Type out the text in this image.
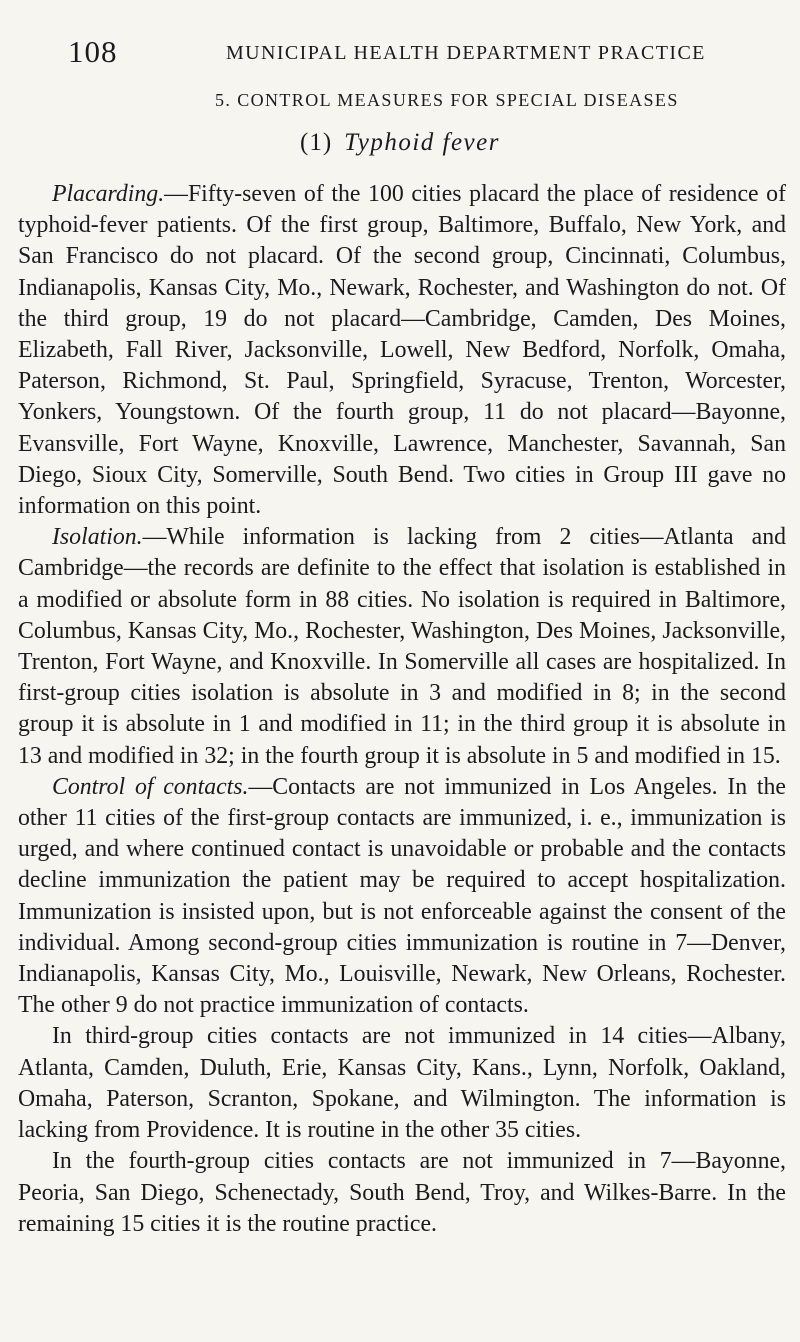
108	MUNICIPAL HEALTH DEPARTMENT PRACTICE
5. CONTROL MEASURES FOR SPECIAL DISEASES
(1) Typhoid fever

Placarding.—Fifty-seven of the 100 cities placard the place of residence of typhoid-fever patients. Of the first group, Baltimore, Buffalo, New York, and San Francisco do not placard. Of the second group, Cincinnati, Columbus, Indianapolis, Kansas City, Mo., Newark, Rochester, and Washington do not. Of the third group, 19 do not placard—Cambridge, Camden, Des Moines, Elizabeth, Fall River, Jacksonville, Lowell, New Bedford, Norfolk, Omaha, Paterson, Richmond, St. Paul, Springfield, Syracuse, Trenton, Worcester, Yonkers, Youngstown. Of the fourth group, 11 do not placard—Bayonne, Evansville, Fort Wayne, Knoxville, Lawrence, Manchester, Savannah, San Diego, Sioux City, Somerville, South Bend. Two cities in Group III gave no information on this point.

Isolation.—While information is lacking from 2 cities—Atlanta and Cambridge—the records are definite to the effect that isolation is established in a modified or absolute form in 88 cities. No isolation is required in Baltimore, Columbus, Kansas City, Mo., Rochester, Washington, Des Moines, Jacksonville, Trenton, Fort Wayne, and Knoxville. In Somerville all cases are hospitalized. In first-group cities isolation is absolute in 3 and modified in 8; in the second group it is absolute in 1 and modified in 11; in the third group it is absolute in 13 and modified in 32; in the fourth group it is absolute in 5 and modified in 15.

Control of contacts.—Contacts are not immunized in Los Angeles. In the other 11 cities of the first-group contacts are immunized, i. e., immunization is urged, and where continued contact is unavoidable or probable and the contacts decline immunization the patient may be required to accept hospitalization. Immunization is insisted upon, but is not enforceable against the consent of the individual. Among second-group cities immunization is routine in 7—Denver, Indianapolis, Kansas City, Mo., Louisville, Newark, New Orleans, Rochester. The other 9 do not practice immunization of contacts.

In third-group cities contacts are not immunized in 14 cities—Albany, Atlanta, Camden, Duluth, Erie, Kansas City, Kans., Lynn, Norfolk, Oakland, Omaha, Paterson, Scranton, Spokane, and Wilmington. The information is lacking from Providence. It is routine in the other 35 cities.

In the fourth-group cities contacts are not immunized in 7—Bayonne, Peoria, San Diego, Schenectady, South Bend, Troy, and Wilkes-Barre. In the remaining 15 cities it is the routine practice.
